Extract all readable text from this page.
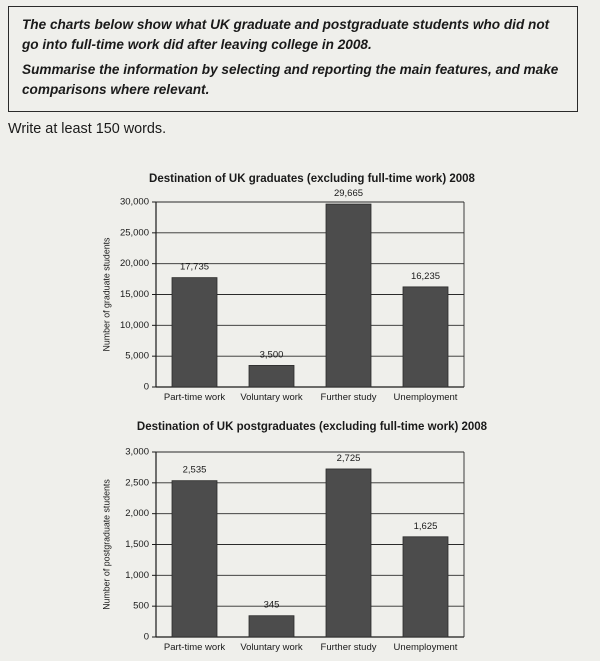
The charts below show what UK graduate and postgraduate students who did not go into full-time work did after leaving college in 2008.

Summarise the information by selecting and reporting the main features, and make comparisons where relevant.

Write at least 150 words.
Destination of UK graduates (excluding full-time work) 2008
0
5,000
10,000
15,000
20,000
25,000
30,000
Number of graduate students	17,735
Part-time work
3,500
Voluntary work
29,665
Further study
16,235
Unemployment
Destination of UK postgraduates (excluding full-time work) 2008
0
500
1,000
1,500
2,000
2,500
3,000
Number of postgraduate students
2,535
Part-time work
345
Voluntary work
2,725
Further study
1,625
Unemployment
